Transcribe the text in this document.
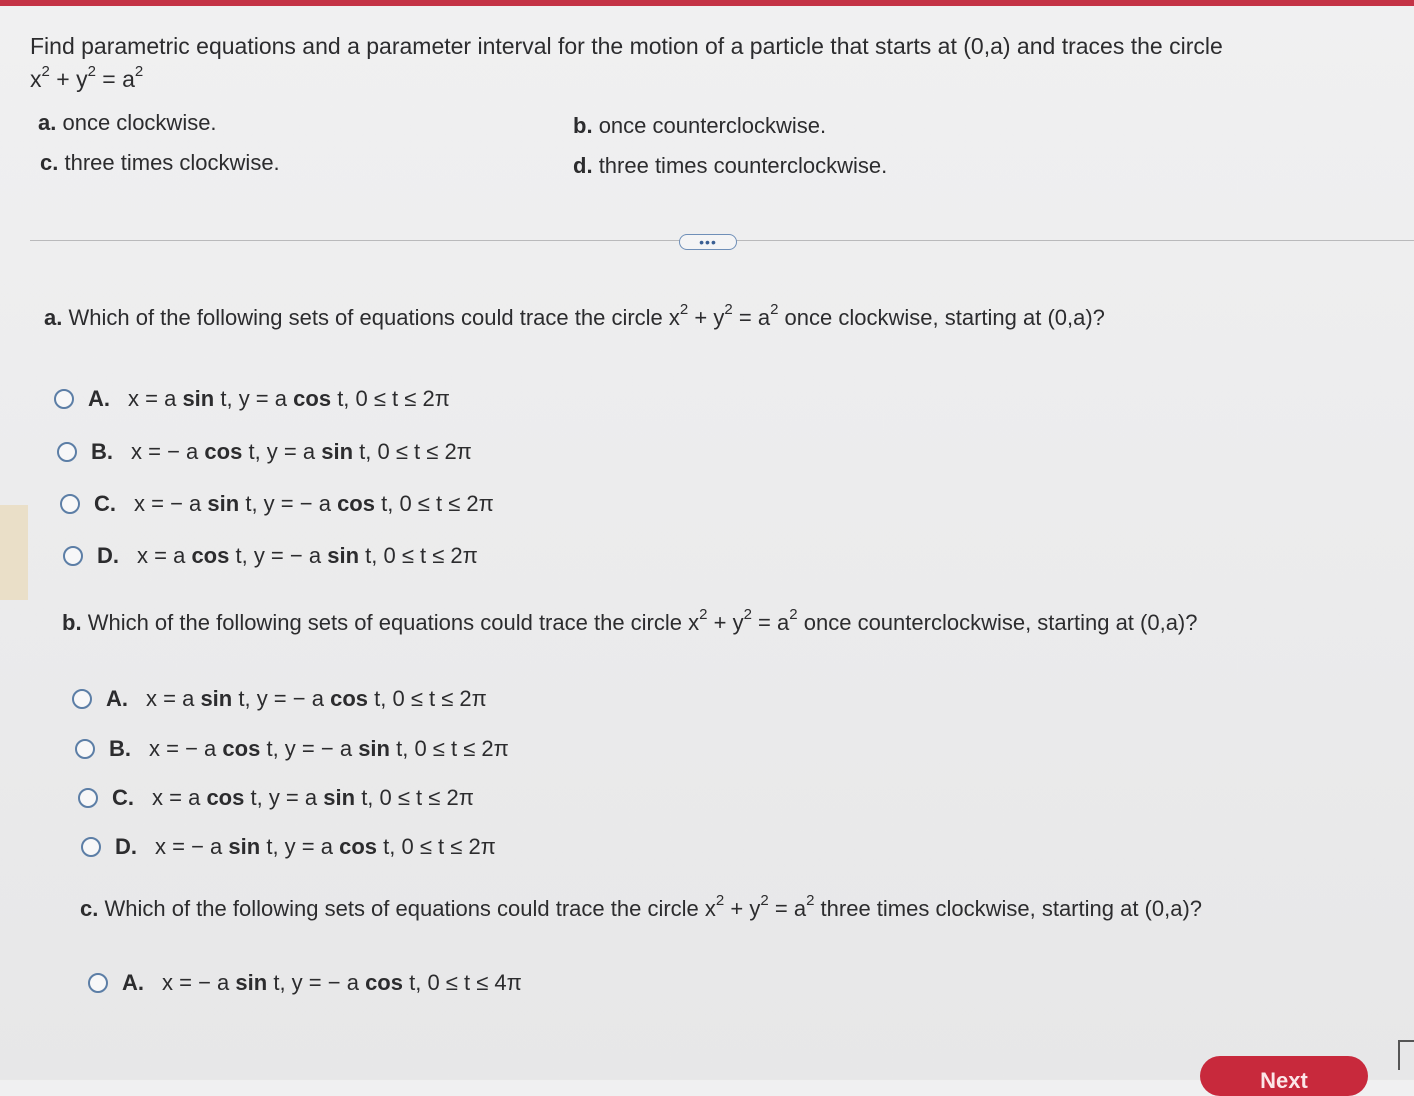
Find parametric equations and a parameter interval for the motion of a particle that starts at (0,a) and traces the circle
$x^2 + y^2 = a^2$
a. once clockwise.	b. once counterclockwise.
c. three times clockwise.	d. three times counterclockwise.
•••
a. Which of the following sets of equations could trace the circle $x^2 + y^2 = a^2$ once clockwise, starting at (0,a)?
A. x = a
sin
t, y = a
cos
t, 0 ≤ t ≤ 2π
B. x = − a
cos
t, y = a
sin
t, 0 ≤ t ≤ 2π
C. x = − a
sin
t, y = − a
cos
t, 0 ≤ t ≤ 2π
D. x = a
cos
t, y = − a
sin
t, 0 ≤ t ≤ 2π
b. Which of the following sets of equations could trace the circle $x^2 + y^2 = a^2$ once counterclockwise, starting at (0,a)?
A. x = a
sin
t, y = − a
cos
t, 0 ≤ t ≤ 2π
B. x = − a
cos
t, y = − a
sin
t, 0 ≤ t ≤ 2π
C. x = a
cos
t, y = a
sin
t, 0 ≤ t ≤ 2π
D. x = − a
sin
t, y = a
cos
t, 0 ≤ t ≤ 2π
c. Which of the following sets of equations could trace the circle $x^2 + y^2 = a^2$ three times clockwise, starting at (0,a)?
A. x = − a
sin
t, y = − a
cos
t, 0 ≤ t ≤ 4π
Next
